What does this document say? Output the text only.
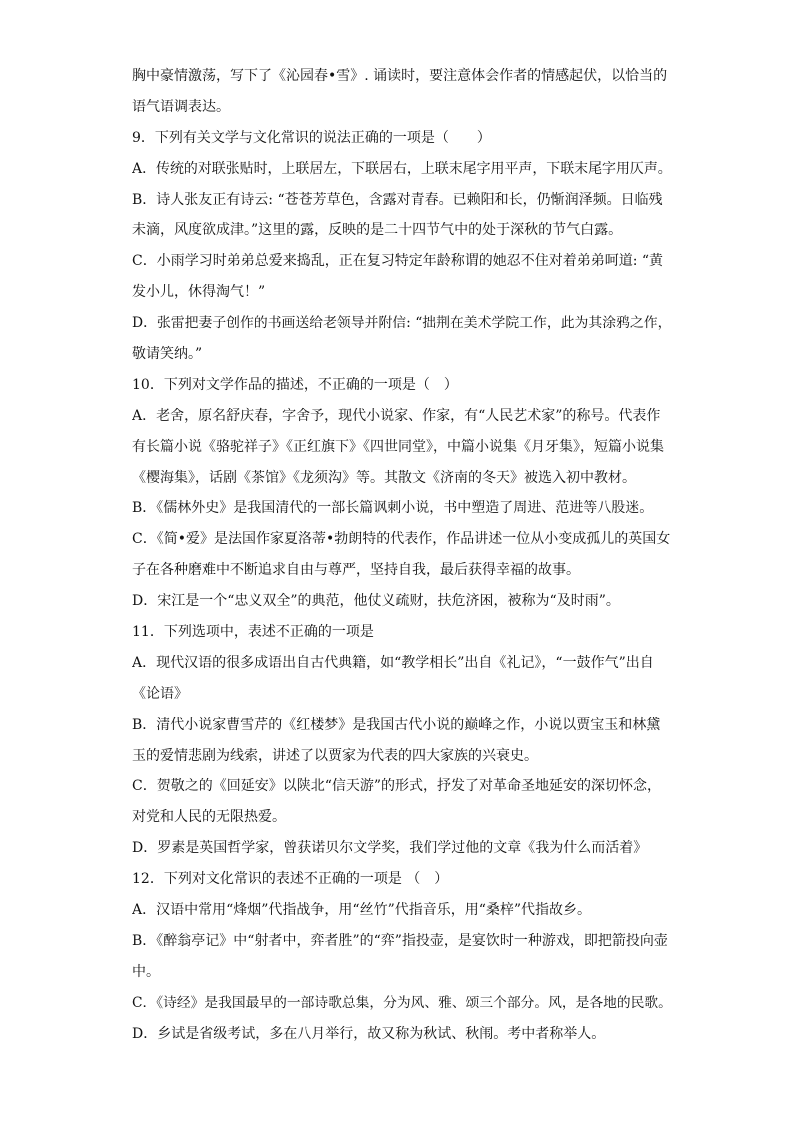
胸中豪情激荡，写下了《沁园春•雪》. 诵读时，要注意体会作者的情感起伏，以恰当的
语气语调表达。
9．下列有关文学与文化常识的说法正确的一项是（　　）
A．传统的对联张贴时，上联居左，下联居右，上联末尾字用平声，下联末尾字用仄声。
B．诗人张友正有诗云: “苍苍芳草色，含露对青春。已赖阳和长，仍惭润泽频。日临残
未滴，风度欲成津。”这里的露，反映的是二十四节气中的处于深秋的节气白露。
C．小雨学习时弟弟总爱来捣乱，正在复习特定年龄称谓的她忍不住对着弟弟呵道: “黄
发小儿，休得淘气！”
D．张雷把妻子创作的书画送给老领导并附信: “拙荆在美术学院工作，此为其涂鸦之作，
敬请笑纳。”
10．下列对文学作品的描述，不正确的一项是（　）
A．老舍，原名舒庆春，字舍予，现代小说家、作家，有“人民艺术家”的称号。代表作
有长篇小说《骆驼祥子》《正红旗下》《四世同堂》，中篇小说集《月牙集》，短篇小说集
《樱海集》，话剧《茶馆》《龙须沟》等。其散文《济南的冬天》被选入初中教材。
B．《儒林外史》是我国清代的一部长篇讽刺小说，书中塑造了周进、范进等八股迷。
C．《简•爱》是法国作家夏洛蒂•勃朗特的代表作，作品讲述一位从小变成孤儿的英国女
子在各种磨难中不断追求自由与尊严，坚持自我，最后获得幸福的故事。
D．宋江是一个“忠义双全”的典范，他仗义疏财，扶危济困，被称为“及时雨”。
11．下列选项中，表述不正确的一项是
A．现代汉语的很多成语出自古代典籍，如“教学相长”出自《礼记》，“一鼓作气”出自
《论语》
B．清代小说家曹雪芹的《红楼梦》是我国古代小说的巅峰之作，小说以贾宝玉和林黛
玉的爱情悲剧为线索，讲述了以贾家为代表的四大家族的兴衰史。
C．贺敬之的《回延安》以陕北“信天游”的形式，抒发了对革命圣地延安的深切怀念，
对党和人民的无限热爱。
D．罗素是英国哲学家，曾获诺贝尔文学奖，我们学过他的文章《我为什么而活着》
12．下列对文化常识的表述不正确的一项是 （　）
A．汉语中常用“烽烟”代指战争，用“丝竹”代指音乐，用“桑梓”代指故乡。
B．《醉翁亭记》中“射者中，弈者胜”的“弈”指投壶，是宴饮时一种游戏，即把箭投向壶
中。
C．《诗经》是我国最早的一部诗歌总集，分为风、雅、颂三个部分。风，是各地的民歌。
D．乡试是省级考试，多在八月举行，故又称为秋试、秋闱。考中者称举人。
